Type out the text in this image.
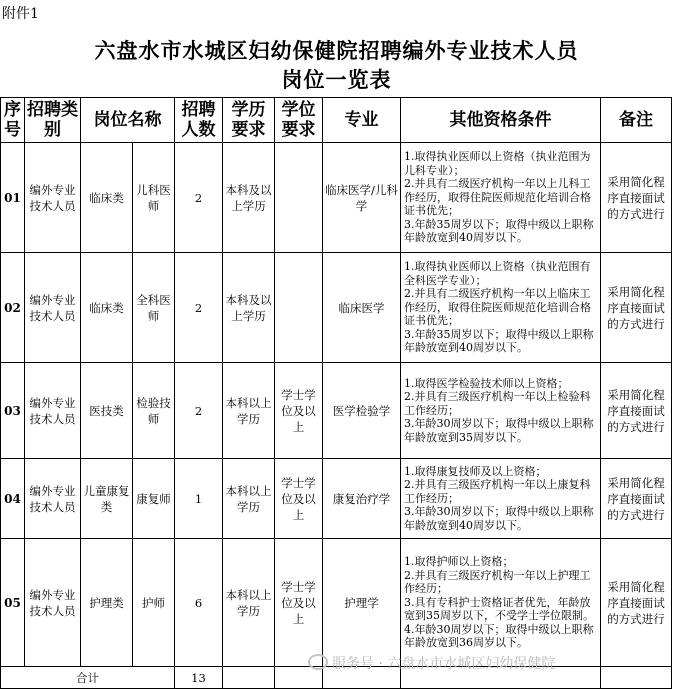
附件1
六盘水市水城区妇幼保健院招聘编外专业技术人员
岗位一览表
序号	招聘类别	岗位名称		招聘人数	学历要求	学位要求	专业	其他资格条件	备注
01	编外专业技术人员	临床类	儿科医师	2	本科及以上学历		临床医学/儿科学	1.取得执业医师以上资格（执业范围为儿科专业）；
2.并具有二级医疗机构一年以上儿科工作经历，取得住院医师规范化培训合格证书优先；
3.年龄35周岁以下；取得中级以上职称年龄放宽到40周岁以下。	采用简化程序直接面试的方式进行
02	编外专业技术人员	临床类	全科医师	2	本科及以上学历		临床医学	1.取得执业医师以上资格（执业范围有全科医学专业）；
2.并具有二级医疗机构一年以上临床工作经历，取得住院医师规范化培训合格证书优先；
3.年龄35周岁以下；取得中级以上职称年龄放宽到40周岁以下。	采用简化程序直接面试的方式进行
03	编外专业技术人员	医技类	检验技师	2	本科以上学历	学士学位及以上	医学检验学	1.取得医学检验技术师以上资格；
2.并具有三级医疗机构一年以上检验科工作经历；
3.年龄30周岁以下；取得中级以上职称年龄放宽到35周岁以下。	采用简化程序直接面试的方式进行
04	编外专业技术人员	儿童康复类	康复师	1	本科以上学历	学士学位及以上	康复治疗学	1.取得康复技师及以上资格；
2.并具有三级医疗机构一年以上康复科工作经历；
3.年龄30周岁以下；取得中级以上职称年龄放宽到40周岁以下。	采用简化程序直接面试的方式进行
05	编外专业技术人员	护理类	护师	6	本科以上学历	学士学位及以上	护理学	1.取得护师以上资格；
2.并具有三级医疗机构一年以上护理工作经历；
3.具有专科护士资格证者优先，年龄放宽到35周岁以下，不受学士学位限制。
4.年龄30周岁以下；取得中级以上职称年龄放宽到36周岁以下。	采用简化程序直接面试的方式进行
合计				13					
服务号 · 六盘水市水城区妇幼保健院
